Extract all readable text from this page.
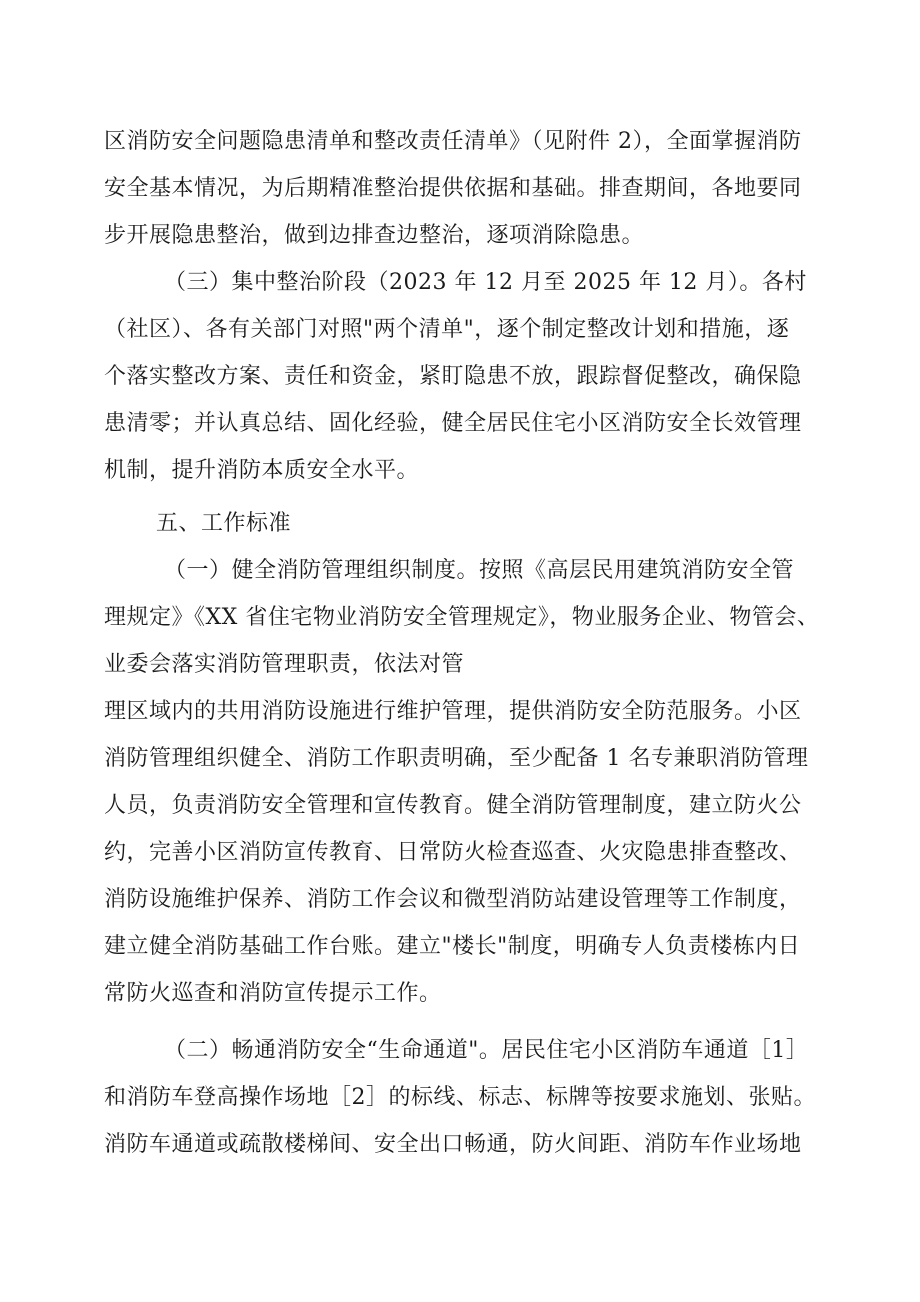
区消防安全问题隐患清单和整改责任清单》（见附件 2），全面掌握消防
安全基本情况，为后期精准整治提供依据和基础。排查期间，各地要同
步开展隐患整治，做到边排查边整治，逐项消除隐患。
（三）集中整治阶段（2023 年 12 月至 2025 年 12 月）。各村
（社区）、各有关部门对照"两个清单"，逐个制定整改计划和措施，逐
个落实整改方案、责任和资金，紧盯隐患不放，跟踪督促整改，确保隐
患清零；并认真总结、固化经验，健全居民住宅小区消防安全长效管理
机制，提升消防本质安全水平。
五、工作标准
（一）健全消防管理组织制度。按照《高层民用建筑消防安全管
理规定》《XX 省住宅物业消防安全管理规定》，物业服务企业、物管会、
业委会落实消防管理职责，依法对管
理区域内的共用消防设施进行维护管理，提供消防安全防范服务。小区
消防管理组织健全、消防工作职责明确，至少配备 1 名专兼职消防管理
人员，负责消防安全管理和宣传教育。健全消防管理制度，建立防火公
约，完善小区消防宣传教育、日常防火检查巡查、火灾隐患排查整改、
消防设施维护保养、消防工作会议和微型消防站建设管理等工作制度，
建立健全消防基础工作台账。建立"楼长"制度，明确专人负责楼栋内日
常防火巡查和消防宣传提示工作。
（二）畅通消防安全“生命通道"。居民住宅小区消防车通道［1］
和消防车登高操作场地［2］的标线、标志、标牌等按要求施划、张贴。
消防车通道或疏散楼梯间、安全出口畅通，防火间距、消防车作业场地
